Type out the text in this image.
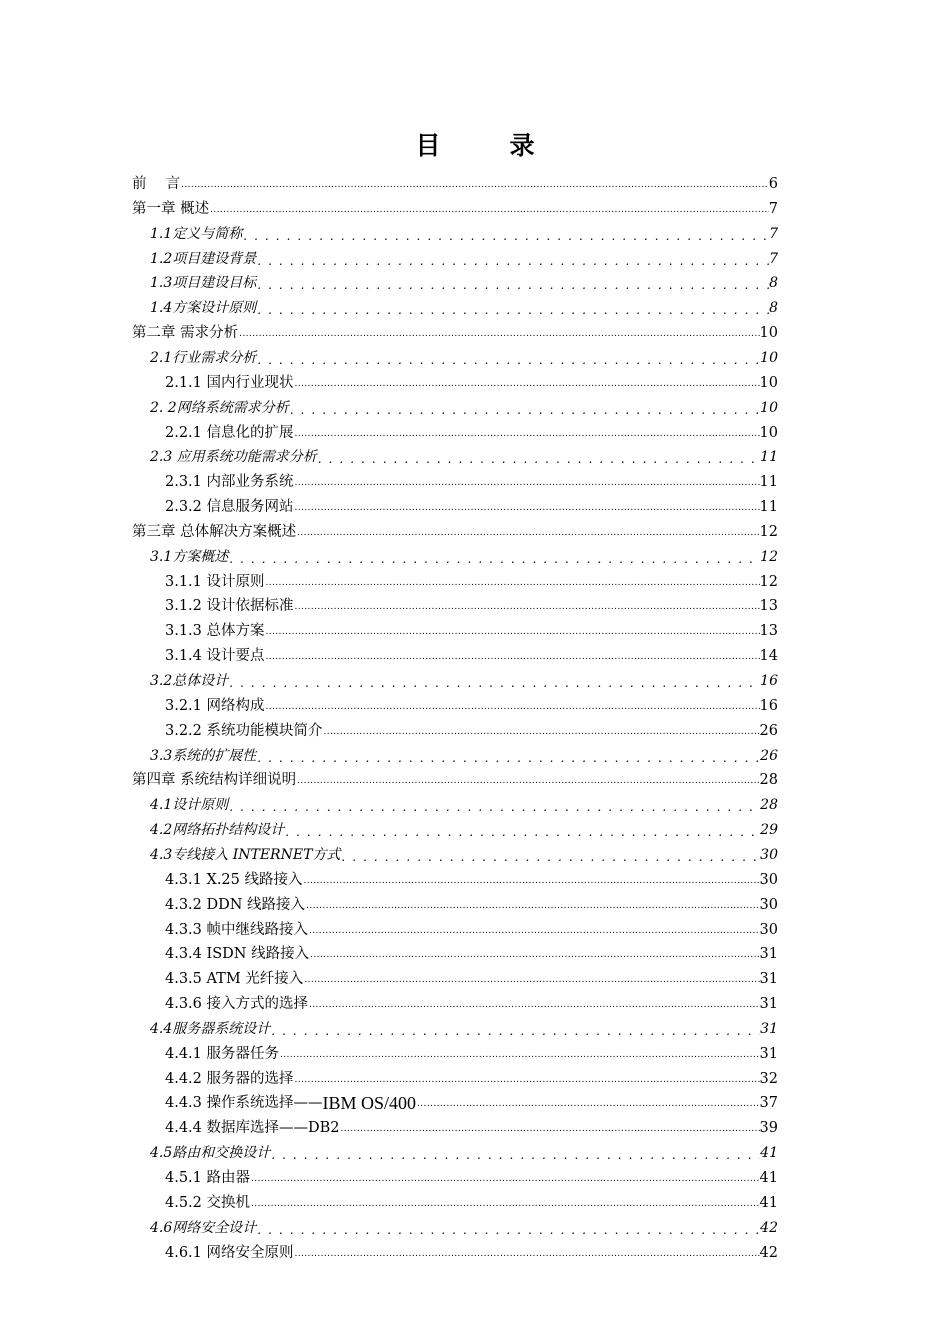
目　录
前　 言 .....	6
第一章 概述 .....	7
1.1定义与简称 . . .	7
1.2项目建设背景 . . .	7
1.3项目建设目标 . . .	8
1.4方案设计原则 . . .	8
第二章 需求分析 .....	10
2.1行业需求分析 . . .	10
2.1.1 国内行业现状 .....	10
2. 2网络系统需求分析 . . .	10
2.2.1 信息化的扩展 .....	10
2.3 应用系统功能需求分析 . . .	11
2.3.1 内部业务系统 .....	11
2.3.2 信息服务网站 .....	11
第三章 总体解决方案概述 .....	12
3.1方案概述 . . .	12
3.1.1 设计原则 .....	12
3.1.2 设计依据标准 .....	13
3.1.3 总体方案 .....	13
3.1.4 设计要点 .....	14
3.2总体设计 . . .	16
3.2.1 网络构成 .....	16
3.2.2 系统功能模块简介 .....	26
3.3系统的扩展性 . . .	26
第四章 系统结构详细说明 .....	28
4.1设计原则 . . .	28
4.2网络拓扑结构设计 . . .	29
4.3专线接入 INTERNET方式 . . .	30
4.3.1 X.25 线路接入 .....	30
4.3.2 DDN 线路接入 .....	30
4.3.3 帧中继线路接入 .....	30
4.3.4 ISDN 线路接入 .....	31
4.3.5 ATM 光纤接入 .....	31
4.3.6 接入方式的选择 .....	31
4.4服务器系统设计 . . .	31
4.4.1 服务器任务 .....	31
4.4.2 服务器的选择 .....	32
4.4.3 操作系统选择—— IBM OS/400 .....	37
4.4.4 数据库选择——DB2 .....	39
4.5路由和交换设计 . . .	41
4.5.1 路由器 .....	41
4.5.2 交换机 .....	41
4.6网络安全设计 . . .	42
4.6.1 网络安全原则 .....	42
